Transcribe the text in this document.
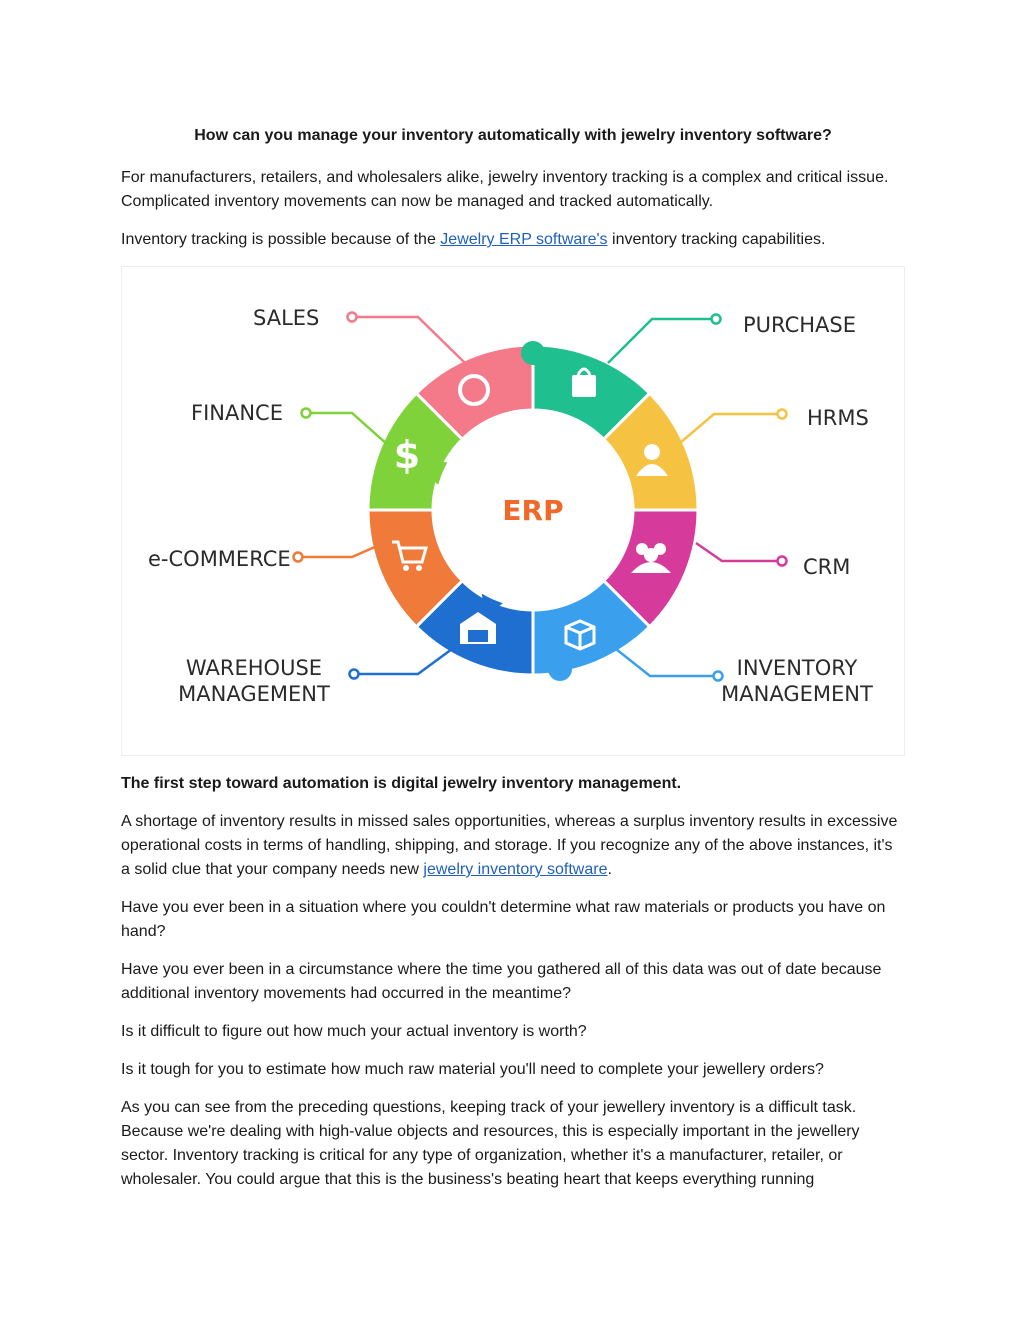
How can you manage your inventory automatically with jewelry inventory software?

For manufacturers, retailers, and wholesalers alike, jewelry inventory tracking is a complex and critical issue. Complicated inventory movements can now be managed and tracked automatically.

Inventory tracking is possible because of the Jewelry ERP software's inventory tracking capabilities.

$
ERP
SALES
FINANCE
e-COMMERCE
WAREHOUSE
MANAGEMENT
PURCHASE
HRMS
CRM
INVENTORY
MANAGEMENT
The first step toward automation is digital jewelry inventory management.

A shortage of inventory results in missed sales opportunities, whereas a surplus inventory results in excessive operational costs in terms of handling, shipping, and storage. If you recognize any of the above instances, it's a solid clue that your company needs new jewelry inventory software.

Have you ever been in a situation where you couldn't determine what raw materials or products you have on hand?

Have you ever been in a circumstance where the time you gathered all of this data was out of date because additional inventory movements had occurred in the meantime?

Is it difficult to figure out how much your actual inventory is worth?

Is it tough for you to estimate how much raw material you'll need to complete your jewellery orders?

As you can see from the preceding questions, keeping track of your jewellery inventory is a difficult task. Because we're dealing with high-value objects and resources, this is especially important in the jewellery sector. Inventory tracking is critical for any type of organization, whether it's a manufacturer, retailer, or wholesaler. You could argue that this is the business's beating heart that keeps everything running
